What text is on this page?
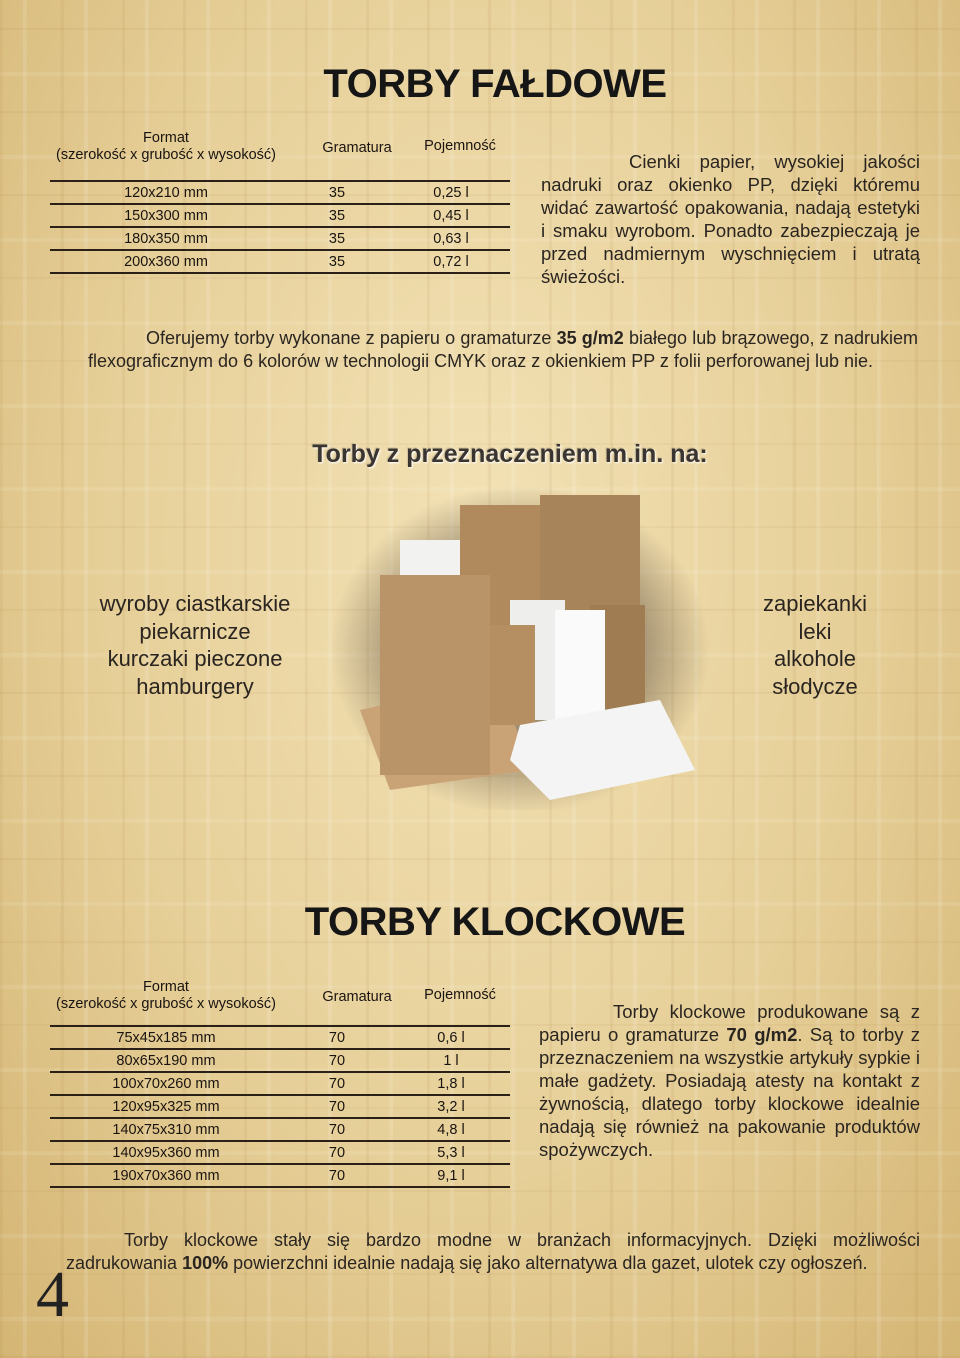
TORBY FAŁDOWE
Format
(szerokość x grubość x wysokość)	Gramatura	Pojemność
120x210 mm	35	0,25 l
150x300 mm	35	0,45 l
180x350 mm	35	0,63 l
200x360 mm	35	0,72 l
Cienki papier, wysokiej jakości nadruki oraz okienko PP, dzięki któremu widać zawartość opakowania, nadają estetyki i smaku wyrobom. Ponadto zabezpieczają je przed nadmiernym wyschnięciem i utratą świeżości.
Oferujemy torby wykonane z papieru o gramaturze 35 g/m2 białego lub brązowego, z nadrukiem flexograficznym do 6 kolorów w technologii CMYK oraz z okienkiem PP z folii perforowanej lub nie.
Torby z przeznaczeniem m.in. na:
wyroby ciastkarskie
piekarnicze
kurczaki pieczone
hamburgery
zapiekanki
leki
alkohole
słodycze
TORBY KLOCKOWE
Format
(szerokość x grubość x wysokość)	Gramatura	Pojemność
75x45x185 mm	70	0,6 l
80x65x190 mm	70	1 l
100x70x260 mm	70	1,8 l
120x95x325 mm	70	3,2 l
140x75x310 mm	70	4,8 l
140x95x360 mm	70	5,3 l
190x70x360 mm	70	9,1 l
Torby klockowe produkowane są z papieru o gramaturze 70 g/m2. Są to torby z przeznaczeniem na wszystkie artykuły sypkie i małe gadżety. Posiadają atesty na kontakt z żywnością, dlatego torby klockowe idealnie nadają się również na pakowanie produktów spożywczych.
Torby klockowe stały się bardzo modne w branżach informacyjnych. Dzięki możliwości zadrukowania 100% powierzchni idealnie nadają się jako alternatywa dla gazet, ulotek czy ogłoszeń.
4
